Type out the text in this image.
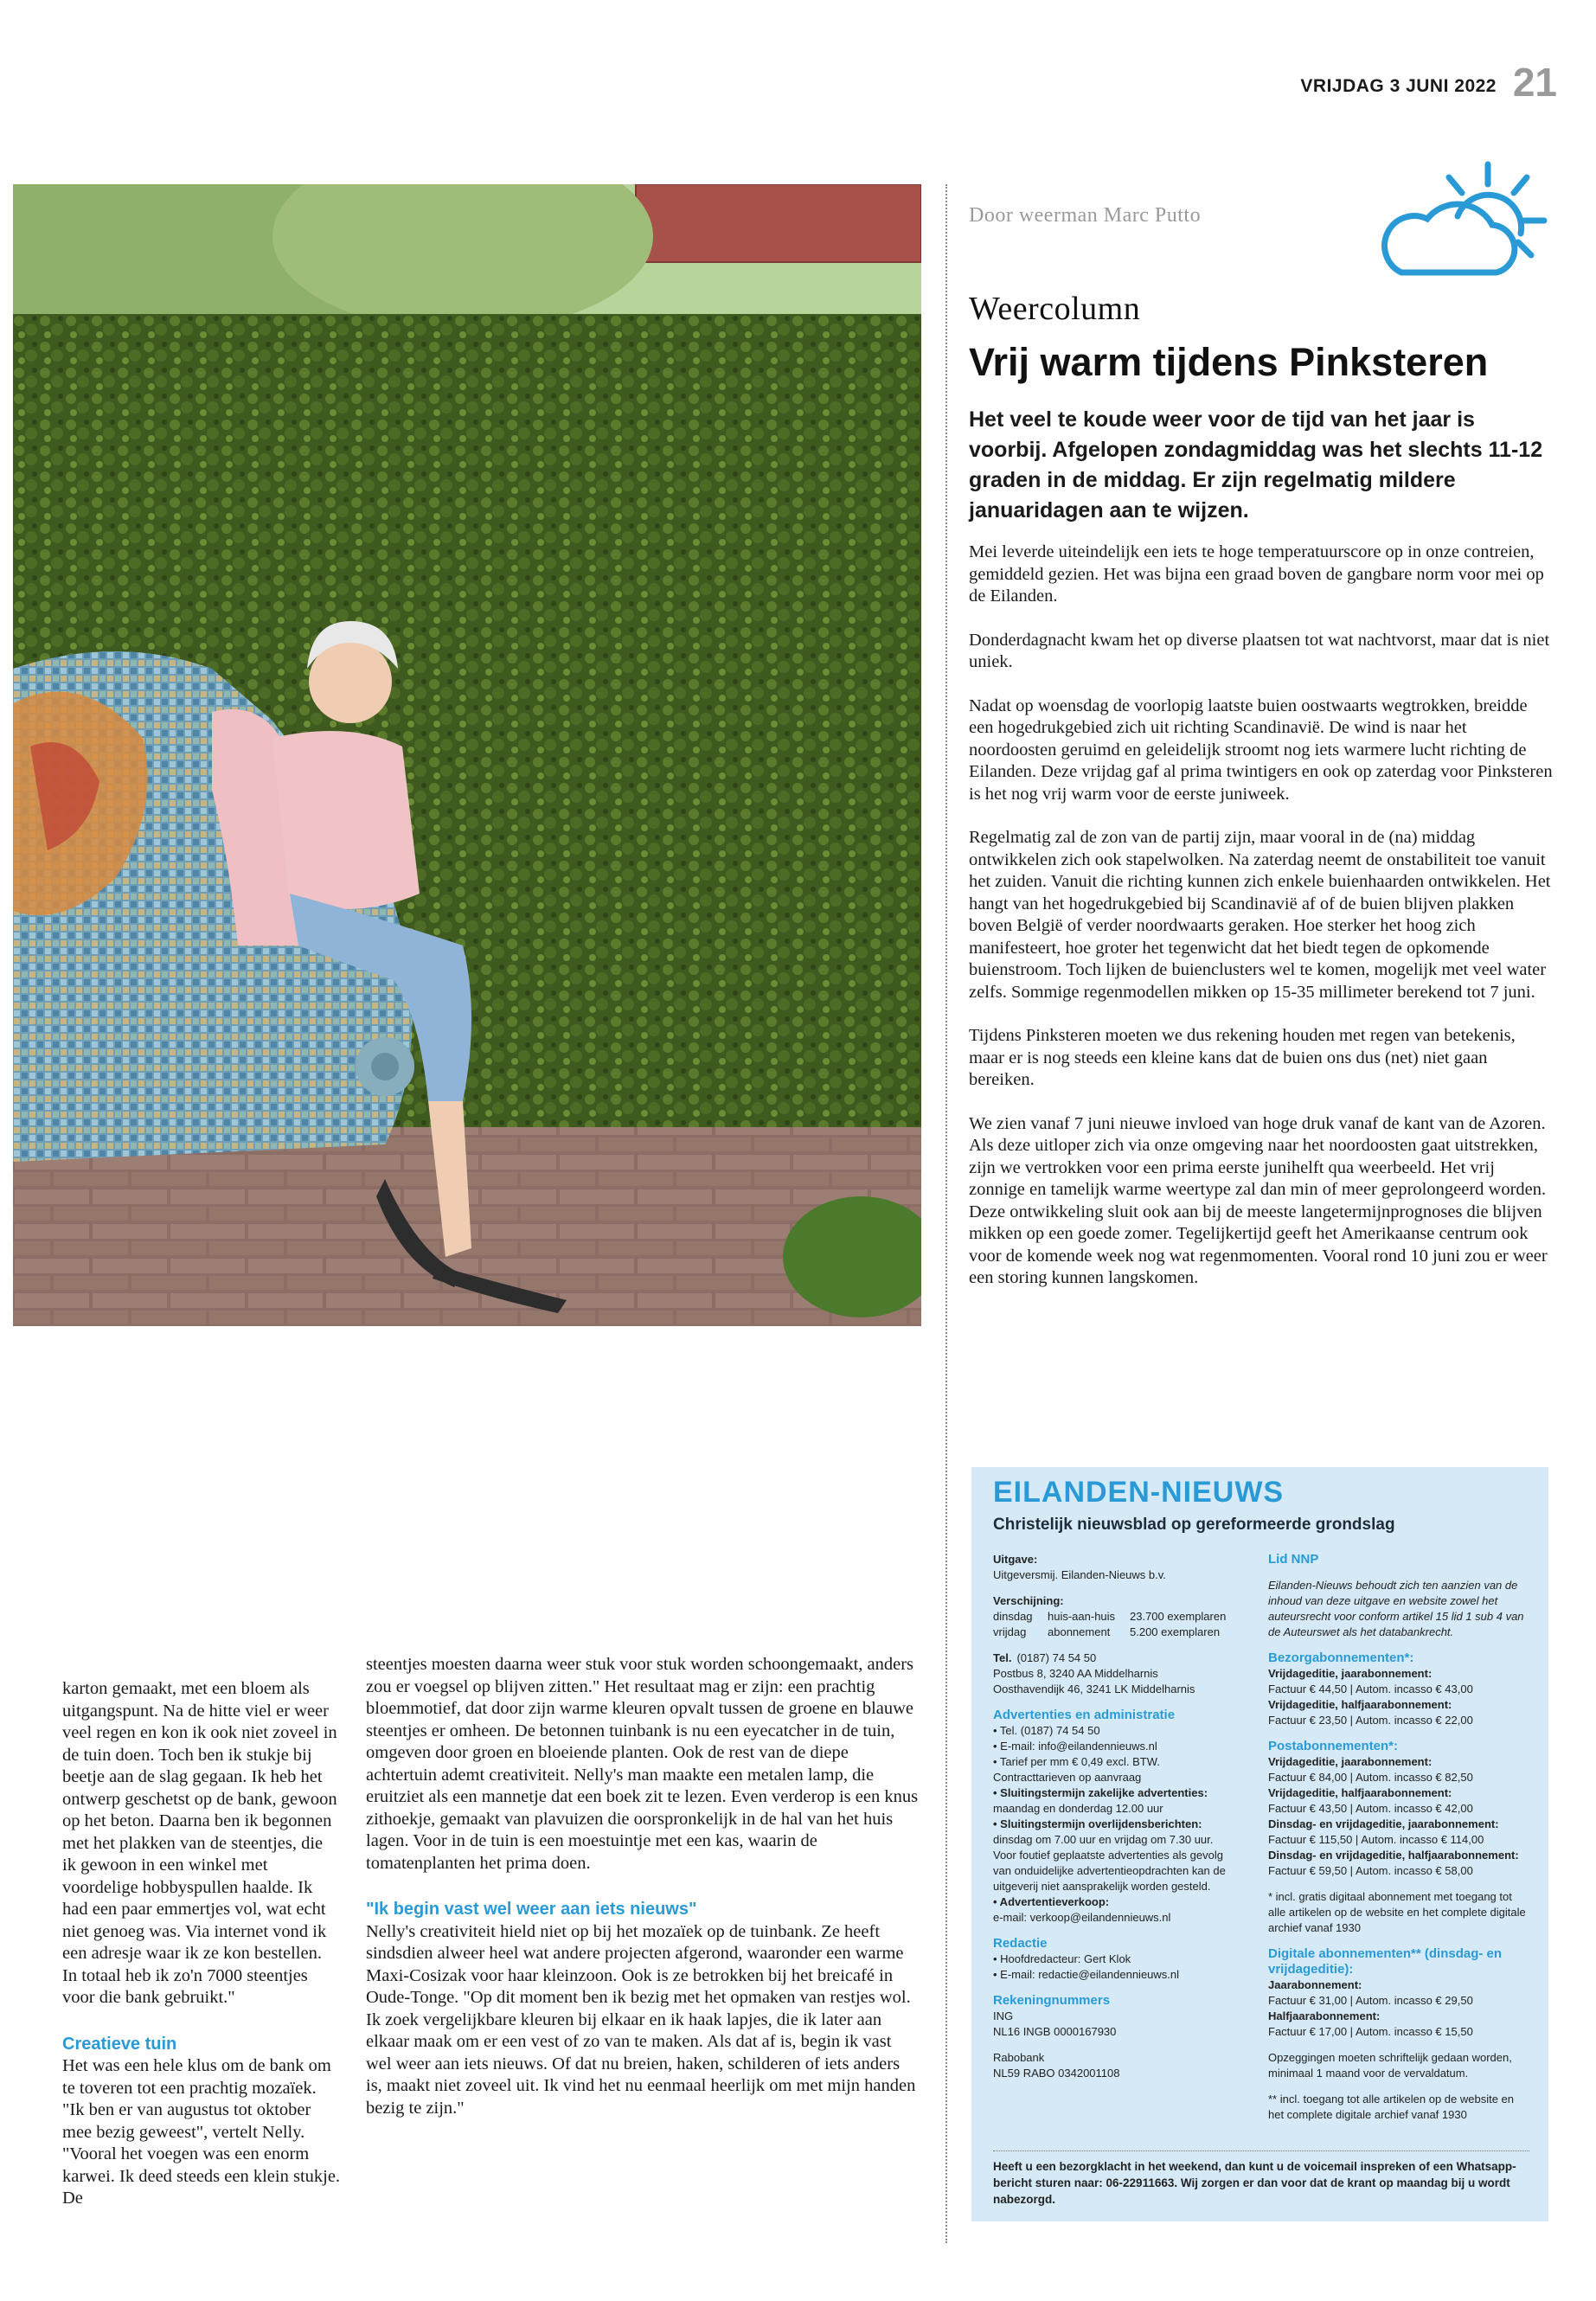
VRIJDAG 3 JUNI 2022 21
Door weerman Marc Putto
Weercolumn
Vrij warm tijdens Pinksteren
Het veel te koude weer voor de tijd van het jaar is voorbij. Afgelopen zondagmiddag was het slechts 11-12 graden in de middag. Er zijn regelmatig mildere januaridagen aan te wijzen.

Mei leverde uiteindelijk een iets te hoge temperatuurscore op in onze contreien, gemiddeld gezien. Het was bijna een graad boven de gangbare norm voor mei op de Eilanden.

Donderdagnacht kwam het op diverse plaatsen tot wat nachtvorst, maar dat is niet uniek.

Nadat op woensdag de voorlopig laatste buien oostwaarts wegtrokken, breidde een hogedrukgebied zich uit richting Scandinavië. De wind is naar het noordoosten geruimd en geleidelijk stroomt nog iets warmere lucht richting de Eilanden. Deze vrijdag gaf al prima twintigers en ook op zaterdag voor Pinksteren is het nog vrij warm voor de eerste juniweek.

Regelmatig zal de zon van de partij zijn, maar vooral in de (na) middag ontwikkelen zich ook stapelwolken. Na zaterdag neemt de onstabiliteit toe vanuit het zuiden. Vanuit die richting kunnen zich enkele buienhaarden ontwikkelen. Het hangt van het hogedrukgebied bij Scandinavië af of de buien blijven plakken boven België of verder noordwaarts geraken. Hoe sterker het hoog zich manifesteert, hoe groter het tegenwicht dat het biedt tegen de opkomende buienstroom. Toch lijken de buienclusters wel te komen, mogelijk met veel water zelfs. Sommige regenmodellen mikken op 15-35 millimeter berekend tot 7 juni.

Tijdens Pinksteren moeten we dus rekening houden met regen van betekenis, maar er is nog steeds een kleine kans dat de buien ons dus (net) niet gaan bereiken.

We zien vanaf 7 juni nieuwe invloed van hoge druk vanaf de kant van de Azoren. Als deze uitloper zich via onze omgeving naar het noordoosten gaat uitstrekken, zijn we vertrokken voor een prima eerste junihelft qua weerbeeld. Het vrij zonnige en tamelijk warme weertype zal dan min of meer geprolongeerd worden. Deze ontwikkeling sluit ook aan bij de meeste langetermijnprognoses die blijven mikken op een goede zomer. Tegelijkertijd geeft het Amerikaanse centrum ook voor de komende week nog wat regenmomenten. Vooral rond 10 juni zou er weer een storing kunnen langskomen.

karton gemaakt, met een bloem als uitgangspunt. Na de hitte viel er weer veel regen en kon ik ook niet zoveel in de tuin doen. Toch ben ik stukje bij beetje aan de slag gegaan. Ik heb het ontwerp geschetst op de bank, gewoon op het beton. Daarna ben ik begonnen met het plakken van de steentjes, die ik gewoon in een winkel met voordelige hobbyspullen haalde. Ik had een paar emmertjes vol, wat echt niet genoeg was. Via internet vond ik een adresje waar ik ze kon bestellen. In totaal heb ik zo'n 7000 steentjes voor die bank gebruikt."

Creatieve tuin

Het was een hele klus om de bank om te toveren tot een prachtig mozaïek. "Ik ben er van augustus tot oktober mee bezig geweest", vertelt Nelly. "Vooral het voegen was een enorm karwei. Ik deed steeds een klein stukje. De

steentjes moesten daarna weer stuk voor stuk worden schoongemaakt, anders zou er voegsel op blijven zitten." Het resultaat mag er zijn: een prachtig bloemmotief, dat door zijn warme kleuren opvalt tussen de groene en blauwe steentjes er omheen. De betonnen tuinbank is nu een eyecatcher in de tuin, omgeven door groen en bloeiende planten. Ook de rest van de diepe achtertuin ademt creativiteit. Nelly's man maakte een metalen lamp, die eruitziet als een mannetje dat een boek zit te lezen. Even verderop is een knus zithoekje, gemaakt van plavuizen die oorspronkelijk in de hal van het huis lagen. Voor in de tuin is een moestuintje met een kas, waarin de tomatenplanten het prima doen.

"Ik begin vast wel weer aan iets nieuws"

Nelly's creativiteit hield niet op bij het mozaïek op de tuinbank. Ze heeft sindsdien alweer heel wat andere projecten afgerond, waaronder een warme Maxi-Cosizak voor haar kleinzoon. Ook is ze betrokken bij het breicafé in Oude-Tonge. "Op dit moment ben ik bezig met het opmaken van restjes wol. Ik zoek vergelijkbare kleuren bij elkaar en ik haak lapjes, die ik later aan elkaar maak om er een vest of zo van te maken. Als dat af is, begin ik vast wel weer aan iets nieuws. Of dat nu breien, haken, schilderen of iets anders is, maakt niet zoveel uit. Ik vind het nu eenmaal heerlijk om met mijn handen bezig te zijn."

EILANDEN-NIEUWS
Christelijk nieuwsblad op gereformeerde grondslag
Uitgave:
Uitgeversmij. Eilanden-Nieuws b.v.
Verschijning:
dinsdag	huis-aan-huis	23.700 exemplaren
vrijdag	abonnement	5.200 exemplaren
Tel. (0187) 74 54 50
Postbus 8, 3240 AA Middelharnis
Oosthavendijk 46, 3241 LK Middelharnis
Advertenties en administratie
• Tel. (0187) 74 54 50
• E-mail: info@eilandennieuws.nl
• Tarief per mm € 0,49 excl. BTW.
Contracttarieven op aanvraag
• Sluitingstermijn zakelijke advertenties:
maandag en donderdag 12.00 uur
• Sluitingstermijn overlijdensberichten:
dinsdag om 7.00 uur en vrijdag om 7.30 uur.
Voor foutief geplaatste advertenties als gevolg
van onduidelijke advertentieopdrachten kan de
uitgeverij niet aansprakelijk worden gesteld.
• Advertentieverkoop:
e-mail: verkoop@eilandennieuws.nl
Redactie
• Hoofdredacteur: Gert Klok
• E-mail: redactie@eilandennieuws.nl
Rekeningnummers
ING
NL16 INGB 0000167930
Rabobank
NL59 RABO 0342001108
Lid NNP
Eilanden-Nieuws behoudt zich ten aanzien van de inhoud van deze uitgave en website zowel het auteursrecht voor conform artikel 15 lid 1 sub 4 van de Auteurswet als het databankrecht.
Bezorgabonnementen*:
Vrijdageditie, jaarabonnement:
Factuur € 44,50 | Autom. incasso € 43,00
Vrijdageditie, halfjaarabonnement:
Factuur € 23,50 | Autom. incasso € 22,00
Postabonnementen*:
Vrijdageditie, jaarabonnement:
Factuur € 84,00 | Autom. incasso € 82,50
Vrijdageditie, halfjaarabonnement:
Factuur € 43,50 | Autom. incasso € 42,00
Dinsdag- en vrijdageditie, jaarabonnement:
Factuur € 115,50 | Autom. incasso € 114,00
Dinsdag- en vrijdageditie, halfjaarabonnement:
Factuur € 59,50 | Autom. incasso € 58,00
* incl. gratis digitaal abonnement met toegang tot alle artikelen op de website en het complete digitale archief vanaf 1930
Digitale abonnementen** (dinsdag- en vrijdageditie):
Jaarabonnement:
Factuur € 31,00 | Autom. incasso € 29,50
Halfjaarabonnement:
Factuur € 17,00 | Autom. incasso € 15,50
Opzeggingen moeten schriftelijk gedaan worden, minimaal 1 maand voor de vervaldatum.
** incl. toegang tot alle artikelen op de website en het complete digitale archief vanaf 1930
Heeft u een bezorgklacht in het weekend, dan kunt u de voicemail inspreken of een Whatsapp-bericht sturen naar: 06-22911663. Wij zorgen er dan voor dat de krant op maandag bij u wordt nabezorgd.
